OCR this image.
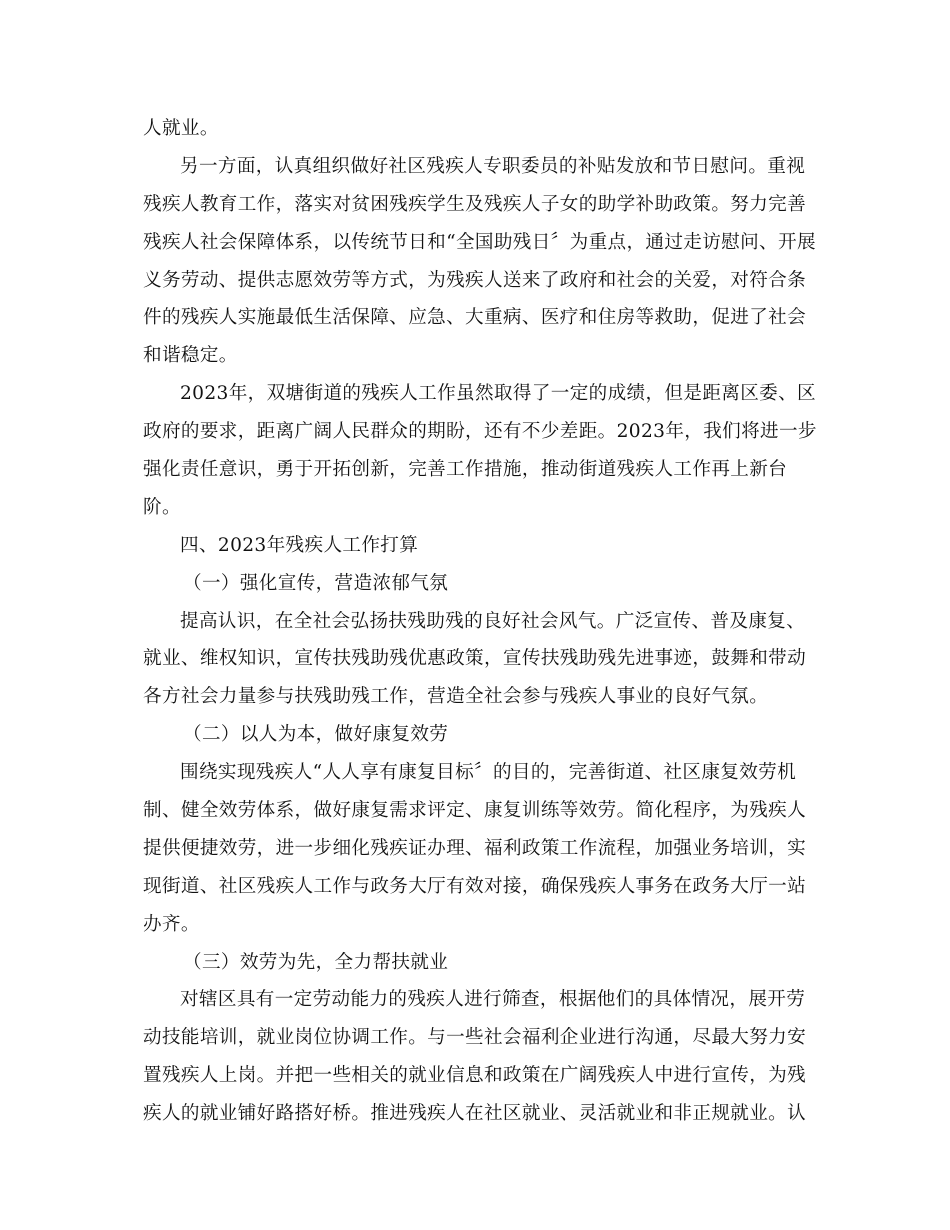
人就业。
另一方面，认真组织做好社区残疾人专职委员的补贴发放和节日慰问。重视
残疾人教育工作，落实对贫困残疾学生及残疾人子女的助学补助政策。努力完善
残疾人社会保障体系，以传统节日和“全国助残日〞为重点，通过走访慰问、开展
义务劳动、提供志愿效劳等方式，为残疾人送来了政府和社会的关爱，对符合条
件的残疾人实施最低生活保障、应急、大重病、医疗和住房等救助，促进了社会
和谐稳定。
2023年，双塘街道的残疾人工作虽然取得了一定的成绩，但是距离区委、区
政府的要求，距离广阔人民群众的期盼，还有不少差距。2023年，我们将进一步
强化责任意识，勇于开拓创新，完善工作措施，推动街道残疾人工作再上新台
阶。
四、2023年残疾人工作打算
（一）强化宣传，营造浓郁气氛
提高认识，在全社会弘扬扶残助残的良好社会风气。广泛宣传、普及康复、
就业、维权知识，宣传扶残助残优惠政策，宣传扶残助残先进事迹，鼓舞和带动
各方社会力量参与扶残助残工作，营造全社会参与残疾人事业的良好气氛。
（二）以人为本，做好康复效劳
围绕实现残疾人“人人享有康复目标〞的目的，完善街道、社区康复效劳机
制、健全效劳体系，做好康复需求评定、康复训练等效劳。简化程序，为残疾人
提供便捷效劳，进一步细化残疾证办理、福利政策工作流程，加强业务培训，实
现街道、社区残疾人工作与政务大厅有效对接，确保残疾人事务在政务大厅一站
办齐。
（三）效劳为先，全力帮扶就业
对辖区具有一定劳动能力的残疾人进行筛查，根据他们的具体情况，展开劳
动技能培训，就业岗位协调工作。与一些社会福利企业进行沟通，尽最大努力安
置残疾人上岗。并把一些相关的就业信息和政策在广阔残疾人中进行宣传，为残
疾人的就业铺好路搭好桥。推进残疾人在社区就业、灵活就业和非正规就业。认
